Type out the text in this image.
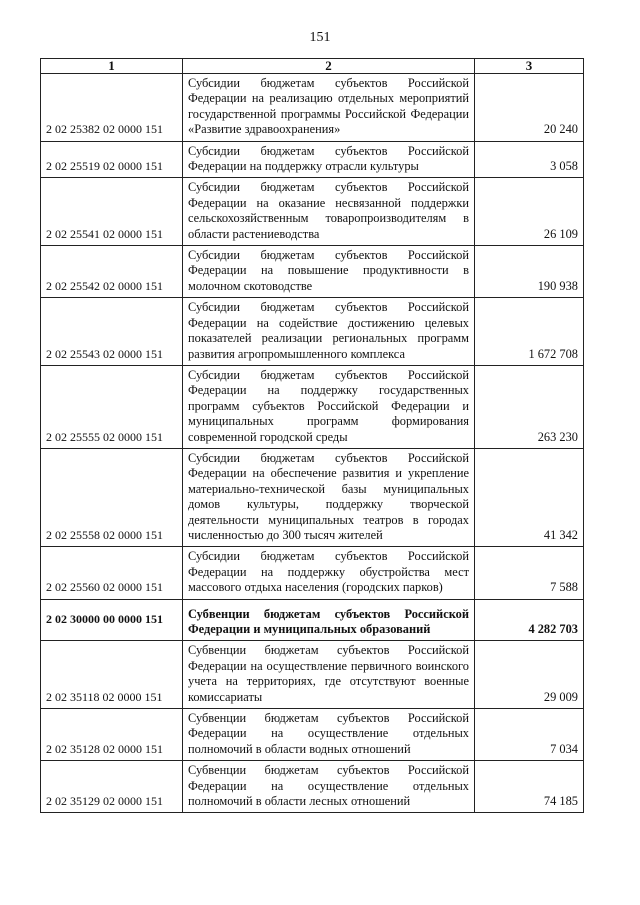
151
1	2	3
2 02 25382 02 0000 151	Субсидии бюджетам субъектов Российской Федерации на реализацию отдельных мероприятий государственной программы Российской Федерации «Развитие здравоохранения»	20 240
2 02 25519 02 0000 151	Субсидии бюджетам субъектов Российской Федерации на поддержку отрасли культуры	3 058
2 02 25541 02 0000 151	Субсидии бюджетам субъектов Российской Федерации на оказание несвязанной поддержки сельскохозяйственным товаропроизводителям в области растениеводства	26 109
2 02 25542 02 0000 151	Субсидии бюджетам субъектов Российской Федерации на повышение продуктивности в молочном скотоводстве	190 938
2 02 25543 02 0000 151	Субсидии бюджетам субъектов Российской Федерации на содействие достижению целевых показателей реализации региональных программ развития агропромышленного комплекса	1 672 708
2 02 25555 02 0000 151	Субсидии бюджетам субъектов Российской Федерации на поддержку государственных программ субъектов Российской Федерации и муниципальных программ формирования современной городской среды	263 230
2 02 25558 02 0000 151	Субсидии бюджетам субъектов Российской Федерации на обеспечение развития и укрепление материально-технической базы муниципальных домов культуры, поддержку творческой деятельности муниципальных театров в городах численностью до 300 тысяч жителей	41 342
2 02 25560 02 0000 151	Субсидии бюджетам субъектов Российской Федерации на поддержку обустройства мест массового отдыха населения (городских парков)	7 588
2 02 30000 00 0000 151	Субвенции бюджетам субъектов Российской Федерации и муниципальных образований	4 282 703
2 02 35118 02 0000 151	Субвенции бюджетам субъектов Российской Федерации на осуществление первичного воинского учета на территориях, где отсутствуют военные комиссариаты	29 009
2 02 35128 02 0000 151	Субвенции бюджетам субъектов Российской Федерации на осуществление отдельных полномочий в области водных отношений	7 034
2 02 35129 02 0000 151	Субвенции бюджетам субъектов Российской Федерации на осуществление отдельных полномочий в области лесных отношений	74 185
